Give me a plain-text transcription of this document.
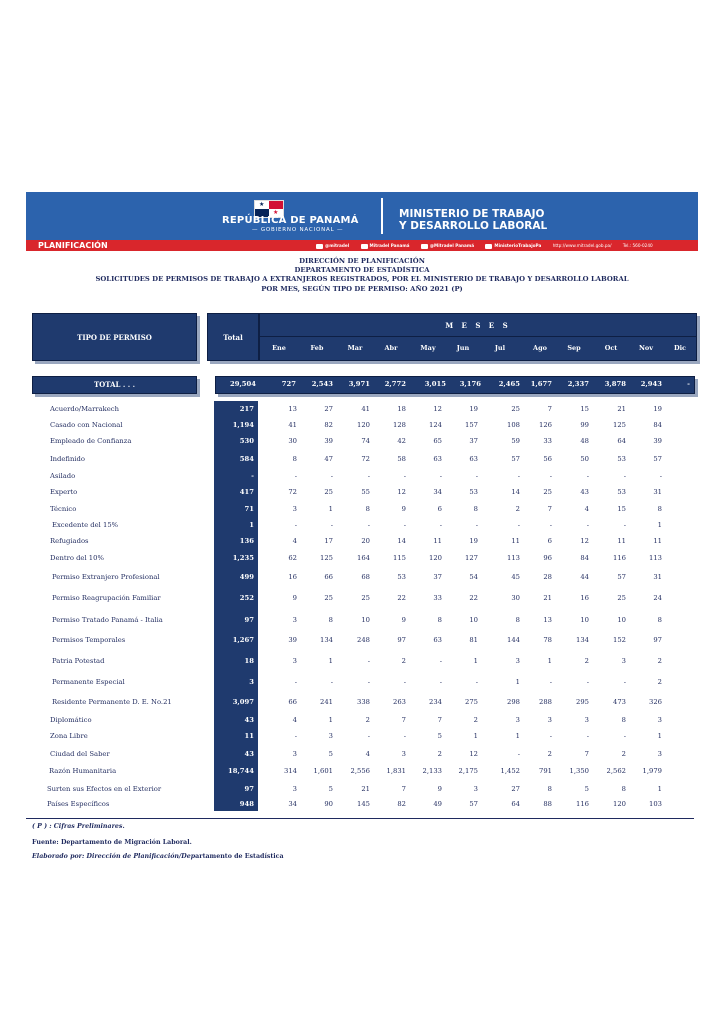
★
★
REPÚBLICA DE PANAMÁ
— GOBIERNO NACIONAL —
MINISTERIO DE TRABAJO
Y DESARROLLO LABORAL
PLANIFICACIÓN	@mitradel	Mitradel Panamá	@Mitradel Panamá	MinisterioTrabajoPa	http://www.mitradel.gob.pa/	Tel.: 560-0240
DIRECCIÓN DE PLANIFICACIÓN
DEPARTAMENTO DE ESTADÍSTICA
SOLICITUDES DE PERMISOS DE TRABAJO A EXTRANJEROS REGISTRADOS, POR EL MINISTERIO DE TRABAJO Y DESARROLLO LABORAL
POR MES, SEGÚN TIPO DE PERMISO: AÑO 2021 (P)
TIPO DE PERMISO	Total
M E S E S
Ene	Feb	Mar	Abr	May	Jun	Jul	Ago	Sep	Oct	Nov	Dic
TOTAL . . .	29,504	727	2,543	3,971	2,772	3,015	3,176	2,465	1,677	2,337	3,878	2,943	-
Acuerdo/Marrakech	217	13	27	41	18	12	19	25	7	15	21	19
Casado con Nacional	1,194	41	82	120	128	124	157	108	126	99	125	84
Empleado de Confianza	530	30	39	74	42	65	37	59	33	48	64	39
Indefinido	584	8	47	72	58	63	63	57	56	50	53	57
Asilado	-	-	-	-	-	-	-	-	-	-	-	-
Experto	417	72	25	55	12	34	53	14	25	43	53	31
Técnico	71	3	1	8	9	6	8	2	7	4	15	8
Excedente del 15%	1	-	-	-	-	-	-	-	-	-	-	1
Refugiados	136	4	17	20	14	11	19	11	6	12	11	11
Dentro del 10%	1,235	62	125	164	115	120	127	113	96	84	116	113
Permiso Extranjero Profesional	499	16	66	68	53	37	54	45	28	44	57	31
Permiso Reagrupación Familiar	252	9	25	25	22	33	22	30	21	16	25	24
Permiso Tratado Panamá - Italia	97	3	8	10	9	8	10	8	13	10	10	8
Permisos Temporales	1,267	39	134	248	97	63	81	144	78	134	152	97
Patria Potestad	18	3	1	-	2	-	1	3	1	2	3	2
Permanente Especial	3	-	-	-	-	-	-	1	-	-	-	2
Residente Permanente D. E. No.21	3,097	66	241	338	263	234	275	298	288	295	473	326
Diplomático	43	4	1	2	7	7	2	3	3	3	8	3
Zona Libre	11	-	3	-	-	5	1	1	-	-	-	1
Ciudad del Saber	43	3	5	4	3	2	12	-	2	7	2	3
Razón Humanitaria	18,744	314	1,601	2,556	1,831	2,133	2,175	1,452	791	1,350	2,562	1,979
Surten sus Efectos en el Exterior	97	3	5	21	7	9	3	27	8	5	8	1
Países Específicos	948	34	90	145	82	49	57	64	88	116	120	103
( P ) : Cifras Preliminares.
Fuente: Departamento de Migración Laboral.
Elaborado por: Dirección de Planificación/Departamento de Estadística
